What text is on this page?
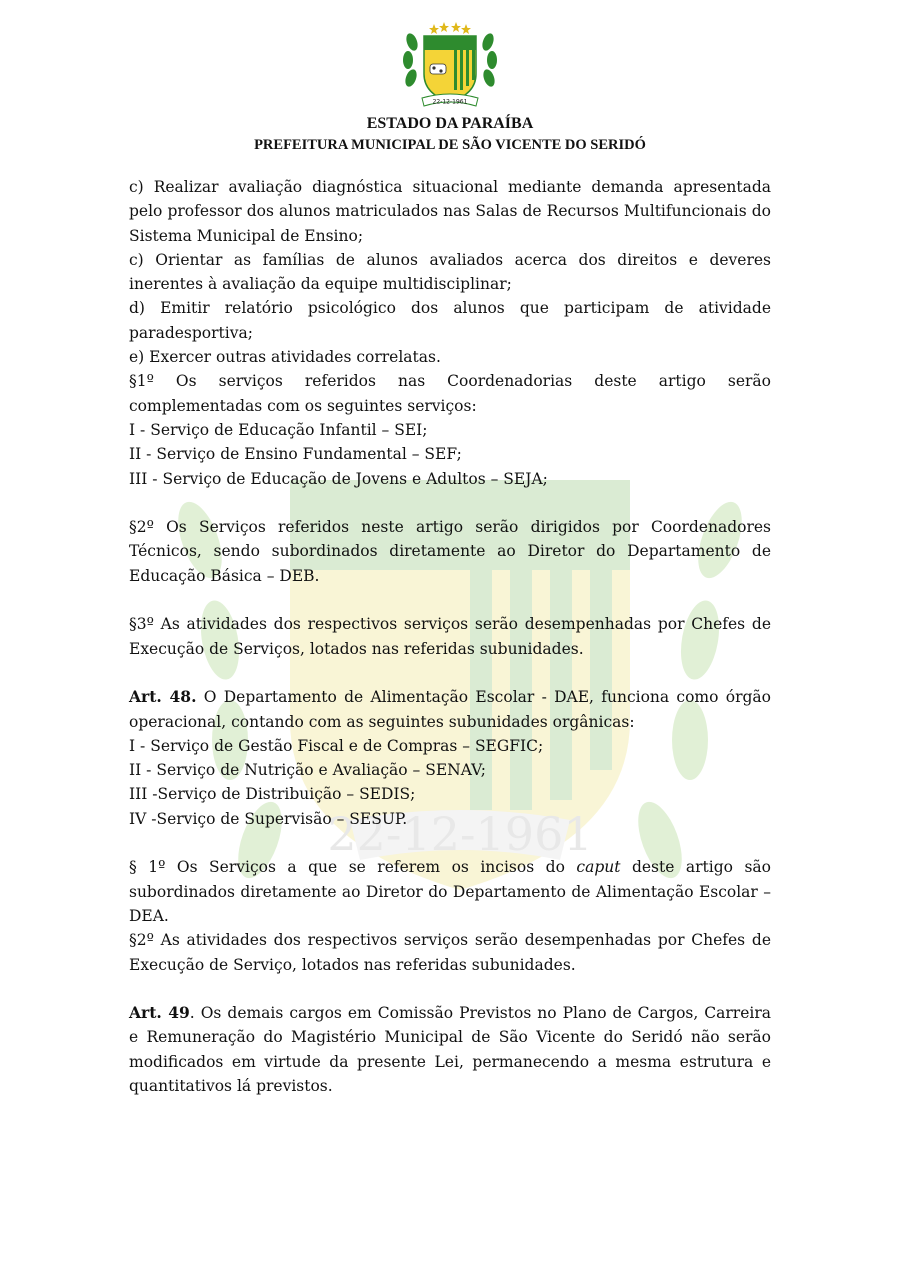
22-12-1961
22-12-1961
ESTADO DA PARAÍBA
PREFEITURA MUNICIPAL DE SÃO VICENTE DO SERIDÓ

c) Realizar avaliação diagnóstica situacional mediante demanda apresentada pelo professor dos alunos matriculados nas Salas de Recursos Multifuncionais do Sistema Municipal de Ensino;

c) Orientar as famílias de alunos avaliados acerca dos direitos e deveres inerentes à avaliação da equipe multidisciplinar;

d) Emitir relatório psicológico dos alunos que participam de atividade paradesportiva;

e) Exercer outras atividades correlatas.

§1º Os serviços referidos nas Coordenadorias deste artigo serão complementadas com os seguintes serviços:

I - Serviço de Educação Infantil – SEI;

II - Serviço de Ensino Fundamental – SEF;

III - Serviço de Educação de Jovens e Adultos – SEJA;

§2º Os Serviços referidos neste artigo serão dirigidos por Coordenadores Técnicos, sendo subordinados diretamente ao Diretor do Departamento de Educação Básica – DEB.

§3º As atividades dos respectivos serviços serão desempenhadas por Chefes de Execução de Serviços, lotados nas referidas subunidades.

Art. 48. O Departamento de Alimentação Escolar - DAE, funciona como órgão operacional, contando com as seguintes subunidades orgânicas:

I - Serviço de Gestão Fiscal e de Compras – SEGFIC;

II - Serviço de Nutrição e Avaliação – SENAV;

III -Serviço de Distribuição – SEDIS;

IV -Serviço de Supervisão – SESUP.

§ 1º Os Serviços a que se referem os incisos do caput deste artigo são subordinados diretamente ao Diretor do Departamento de Alimentação Escolar – DEA.

§2º As atividades dos respectivos serviços serão desempenhadas por Chefes de Execução de Serviço, lotados nas referidas subunidades.

Art. 49. Os demais cargos em Comissão Previstos no Plano de Cargos, Carreira e Remuneração do Magistério Municipal de São Vicente do Seridó não serão modificados em virtude da presente Lei, permanecendo a mesma estrutura e quantitativos lá previstos.
